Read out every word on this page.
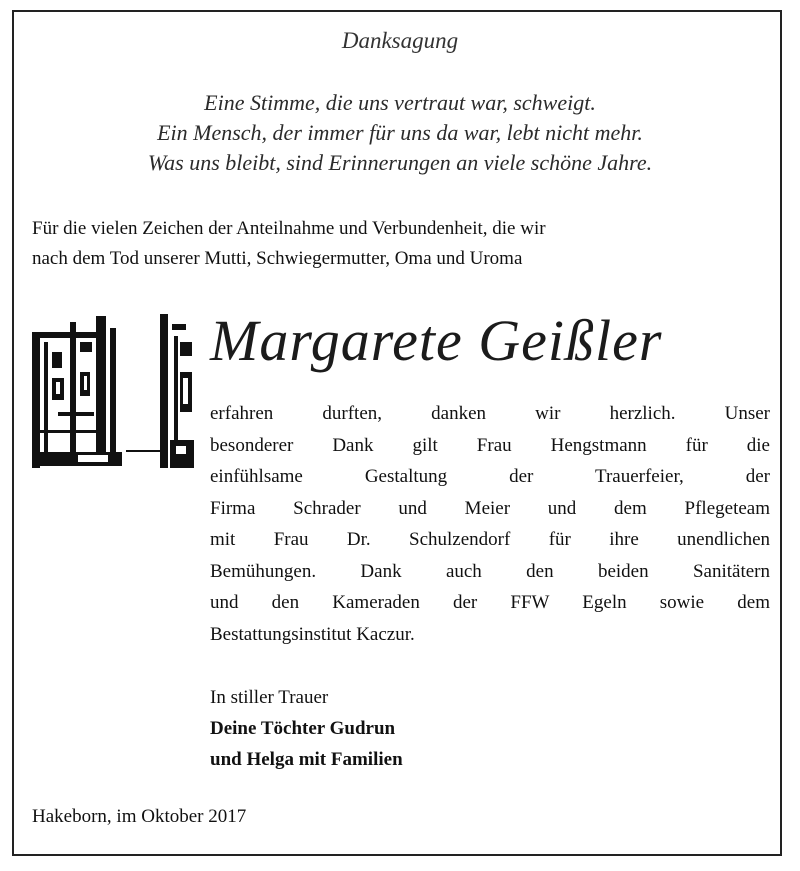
Danksagung
Eine Stimme, die uns vertraut war, schweigt.
Ein Mensch, der immer für uns da war, lebt nicht mehr.
Was uns bleibt, sind Erinnerungen an viele schöne Jahre.
Für die vielen Zeichen der Anteilnahme und Verbundenheit, die wir
nach dem Tod unserer Mutti, Schwiegermutter, Oma und Uroma
Margarete Geißler
erfahren durften, danken wir herzlich. Unser
besonderer Dank gilt Frau Hengstmann für die
einfühlsame Gestaltung der Trauerfeier, der
Firma Schrader und Meier und dem Pflegeteam
mit Frau Dr. Schulzendorf für ihre unendlichen
Bemühungen. Dank auch den beiden Sanitätern
und den Kameraden der FFW Egeln sowie dem
Bestattungsinstitut Kaczur.
In stiller Trauer
Deine Töchter Gudrun
und Helga mit Familien
Hakeborn, im Oktober 2017
